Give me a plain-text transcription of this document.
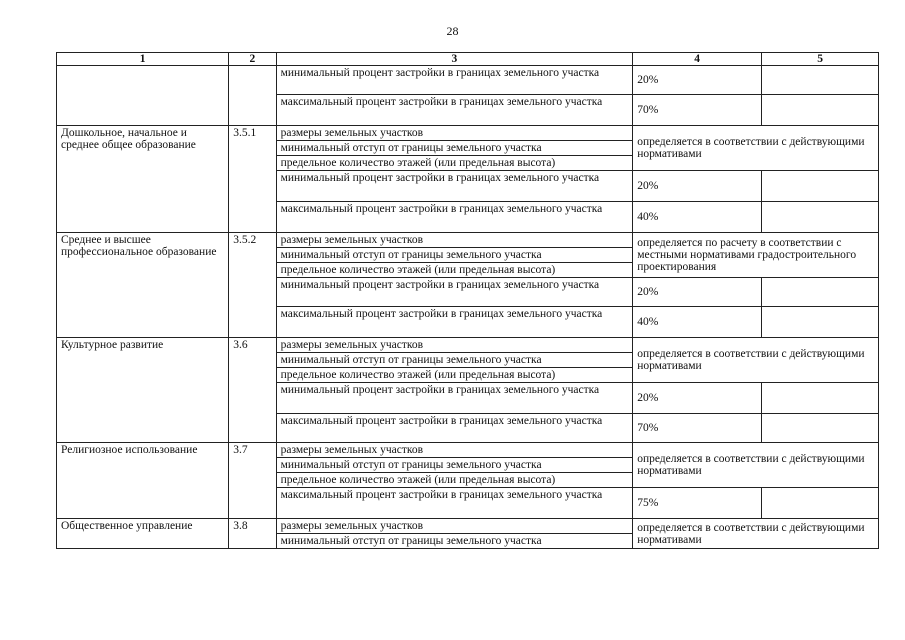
28
1	2	3	4	5
		минимальный процент застройки в границах земельного участка	20%	
		максимальный процент застройки в границах земельного участка	70%	
Дошкольное, начальное и среднее общее образование	3.5.1	размеры земельных участков	определяется в соответствии с действующими нормативами	
		минимальный отступ от границы земельного участка		
		предельное количество этажей (или предельная высота)		
		минимальный процент застройки в границах земельного участка	20%	
		максимальный процент застройки в границах земельного участка	40%	
Среднее и высшее профессиональное образование	3.5.2	размеры земельных участков	определяется по расчету в соответствии с местными нормативами градостроительного проектирования	
		минимальный отступ от границы земельного участка		
		предельное количество этажей (или предельная высота)		
		минимальный процент застройки в границах земельного участка	20%	
		максимальный процент застройки в границах земельного участка	40%	
Культурное развитие	3.6	размеры земельных участков	определяется в соответствии с действующими нормативами	
		минимальный отступ от границы земельного участка		
		предельное количество этажей (или предельная высота)		
		минимальный процент застройки в границах земельного участка	20%	
		максимальный процент застройки в границах земельного участка	70%	
Религиозное использование	3.7	размеры земельных участков	определяется в соответствии с действующими нормативами	
		минимальный отступ от границы земельного участка		
		предельное количество этажей (или предельная высота)		
		максимальный процент застройки в границах земельного участка	75%	
Общественное управление	3.8	размеры земельных участков	определяется в соответствии с действующими нормативами	
		минимальный отступ от границы земельного участка		
